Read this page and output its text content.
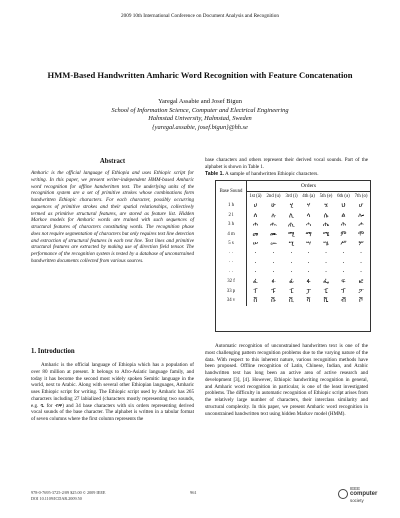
2009 10th International Conference on Document Analysis and Recognition
HMM-Based Handwritten Amharic Word Recognition with Feature Concatenation
Yaregal Assabie and Josef Bigun
School of Information Science, Computer and Electrical Engineering
Halmstad University, Halmstad, Sweden
{yaregal.assabie, josef.bigun}@hh.se
Abstract
Amharic is the official language of Ethiopia and uses Ethiopic script for writing. In this paper, we present writer-independent HMM-based Amharic word recognition for offline handwritten text. The underlying units of the recognition system are a set of primitive strokes whose combinations form handwritten Ethiopic characters. For each character, possibly occurring sequences of primitive strokes and their spatial relationships, collectively termed as primitive structural features, are stored as feature list. Hidden Markov models for Amharic words are trained with such sequences of structural features of characters constituting words. The recognition phase does not require segmentation of characters but only requires text line detection and extraction of structural features in each text line. Text lines and primitive structural features are extracted by making use of direction field tensor. The performance of the recognition system is tested by a database of unconstrained handwritten documents collected from various sources.
1. Introduction
Amharic is the official language of Ethiopia which has a population of over 80 million at present. It belongs to Afro-Asiatic language family, and today it has become the second most widely spoken Semitic language in the world, next to Arabic. Along with several other Ethiopian languages, Amharic uses Ethiopic script for writing. The Ethiopic script used by Amharic has 265 characters including 27 labialized (characters mostly representing two sounds, e.g. ቧ for ብዋ) and 34 base characters with six orders representing derived vocal sounds of the base character. The alphabet is written in a tabular format of seven columns where the first column represents the
base characters and others represent their derived vocal sounds. Part of the alphabet is shown in Table 1.
Table 1. A sample of handwritten Ethiopic characters.
Base Sound	Orders						
	1st (ä)	2nd (u)	3rd (i)	4th (a)	5th (e)	6th (ə)	7th (o)
1 h	ሀ	ሁ	ሂ	ሃ	ሄ	ህ	ሆ
2 l	ለ	ሉ	ሊ	ላ	ሌ	ል	ሎ
3 h	ሐ	ሑ	ሒ	ሓ	ሔ	ሕ	ሖ
4 m	መ	ሙ	ሚ	ማ	ሜ	ም	ሞ
5 s	ሠ	ሡ	ሢ	ሣ	ሤ	ሥ	ሦ
· ·	·	·	·	·	·	·	·
· ·	·	·	·	·	·	·	·
· ·	·	·	·	·	·	·	·
32 f	ፈ	ፉ	ፊ	ፋ	ፌ	ፍ	ፎ
33 p	ፐ	ፑ	ፒ	ፓ	ፔ	ፕ	ፖ
34 v	ቨ	ቩ	ቪ	ቫ	ቬ	ቭ	ቮ
Automatic recognition of unconstrained handwritten text is one of the most challenging pattern recognition problems due to the varying nature of the data. With respect to this inherent nature, various recognition methods have been proposed. Offline recognition of Latin, Chinese, Indian, and Arabic handwritten text has long been an active area of active research and development [3], [4]. However, Ethiopic handwriting recognition in general, and Amharic word recognition in particular, is one of the least investigated problems. The difficulty in automatic recognition of Ethiopic script arises from the relatively large number of characters, their interclass similarity and structural complexity. In this paper, we present Amharic word recognition in unconstrained handwritten text using hidden Markov model (HMM).
978-0-7695-3725-2/09 $25.00 © 2009 IEEE
DOI 10.1109/ICDAR.2009.50
961
IEEE
computer
society
